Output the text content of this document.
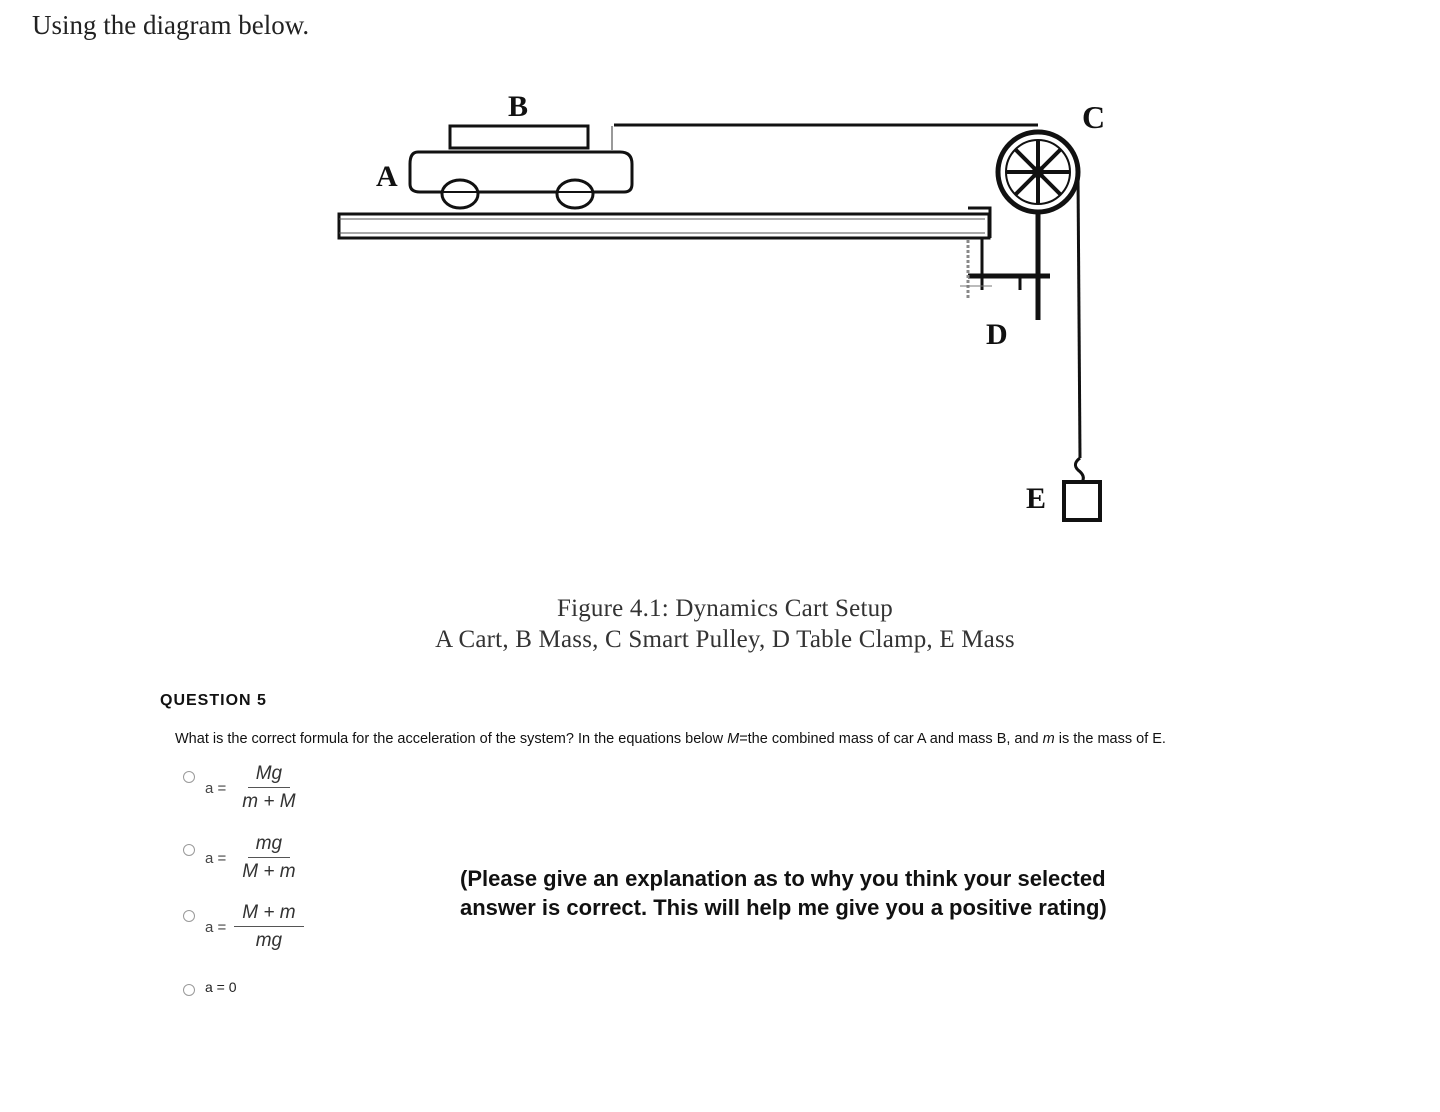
Using the diagram below.
A
B	C
D
E
Figure 4.1: Dynamics Cart Setup
A Cart, B Mass, C Smart Pulley, D Table Clamp, E Mass
QUESTION 5
What is the correct formula for the acceleration of the system? In the equations below M=the combined mass of car A and mass B, and m is the mass of E.
$a = \frac{Mg}{m + M}$
$a = \frac{mg}{M + m}$
$a = \frac{M + m}{mg}$
a = 0
(Please give an explanation as to why you think your selected
answer is correct. This will help me give you a positive rating)
